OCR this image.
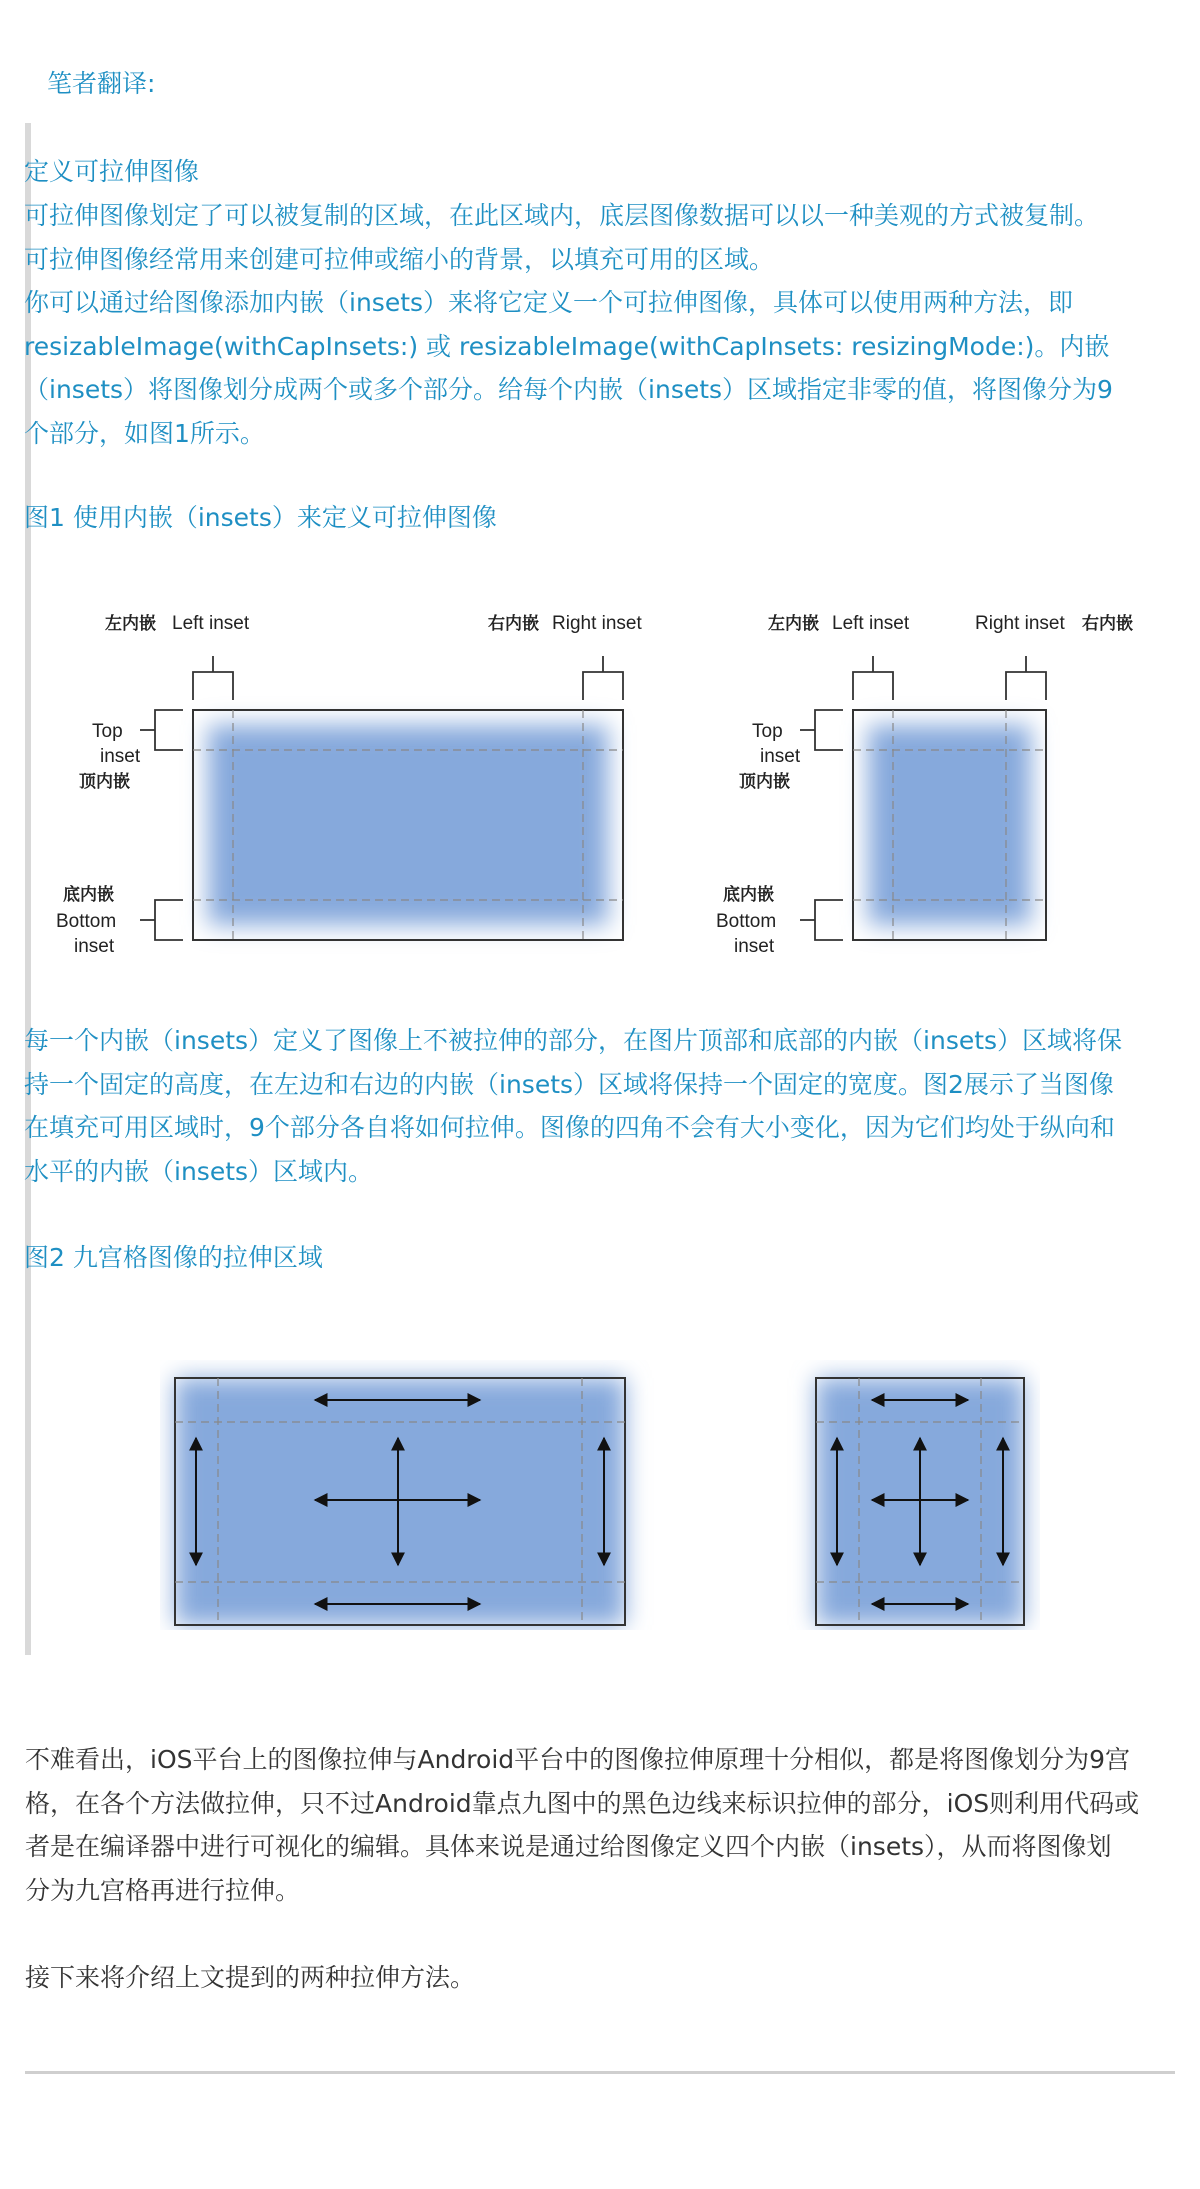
笔者翻译:

定义可拉伸图像

可拉伸图像划定了可以被复制的区域，在此区域内，底层图像数据可以以一种美观的方式被复制。

可拉伸图像经常用来创建可拉伸或缩小的背景，以填充可用的区域。

你可以通过给图像添加内嵌（insets）来将它定义一个可拉伸图像，具体可以使用两种方法，即

resizableImage(withCapInsets:) 或 resizableImage(withCapInsets: resizingMode:)。内嵌

（insets）将图像划分成两个或多个部分。给每个内嵌（insets）区域指定非零的值，将图像分为9

个部分，如图1所示。

图1 使用内嵌（insets）来定义可拉伸图像

左内嵌 Left inset	右内嵌 Right inset
Top
inset
顶内嵌
底内嵌
Bottom
inset
左内嵌 Left inset	Right inset 右内嵌
Top
inset
顶内嵌
底内嵌
Bottom
inset

每一个内嵌（insets）定义了图像上不被拉伸的部分，在图片顶部和底部的内嵌（insets）区域将保

持一个固定的高度，在左边和右边的内嵌（insets）区域将保持一个固定的宽度。图2展示了当图像

在填充可用区域时，9个部分各自将如何拉伸。图像的四角不会有大小变化，因为它们均处于纵向和

水平的内嵌（insets）区域内。

图2 九宫格图像的拉伸区域

不难看出，iOS平台上的图像拉伸与Android平台中的图像拉伸原理十分相似，都是将图像划分为9宫

格，在各个方法做拉伸，只不过Android靠点九图中的黑色边线来标识拉伸的部分，iOS则利用代码或

者是在编译器中进行可视化的编辑。具体来说是通过给图像定义四个内嵌（insets），从而将图像划

分为九宫格再进行拉伸。

接下来将介绍上文提到的两种拉伸方法。
